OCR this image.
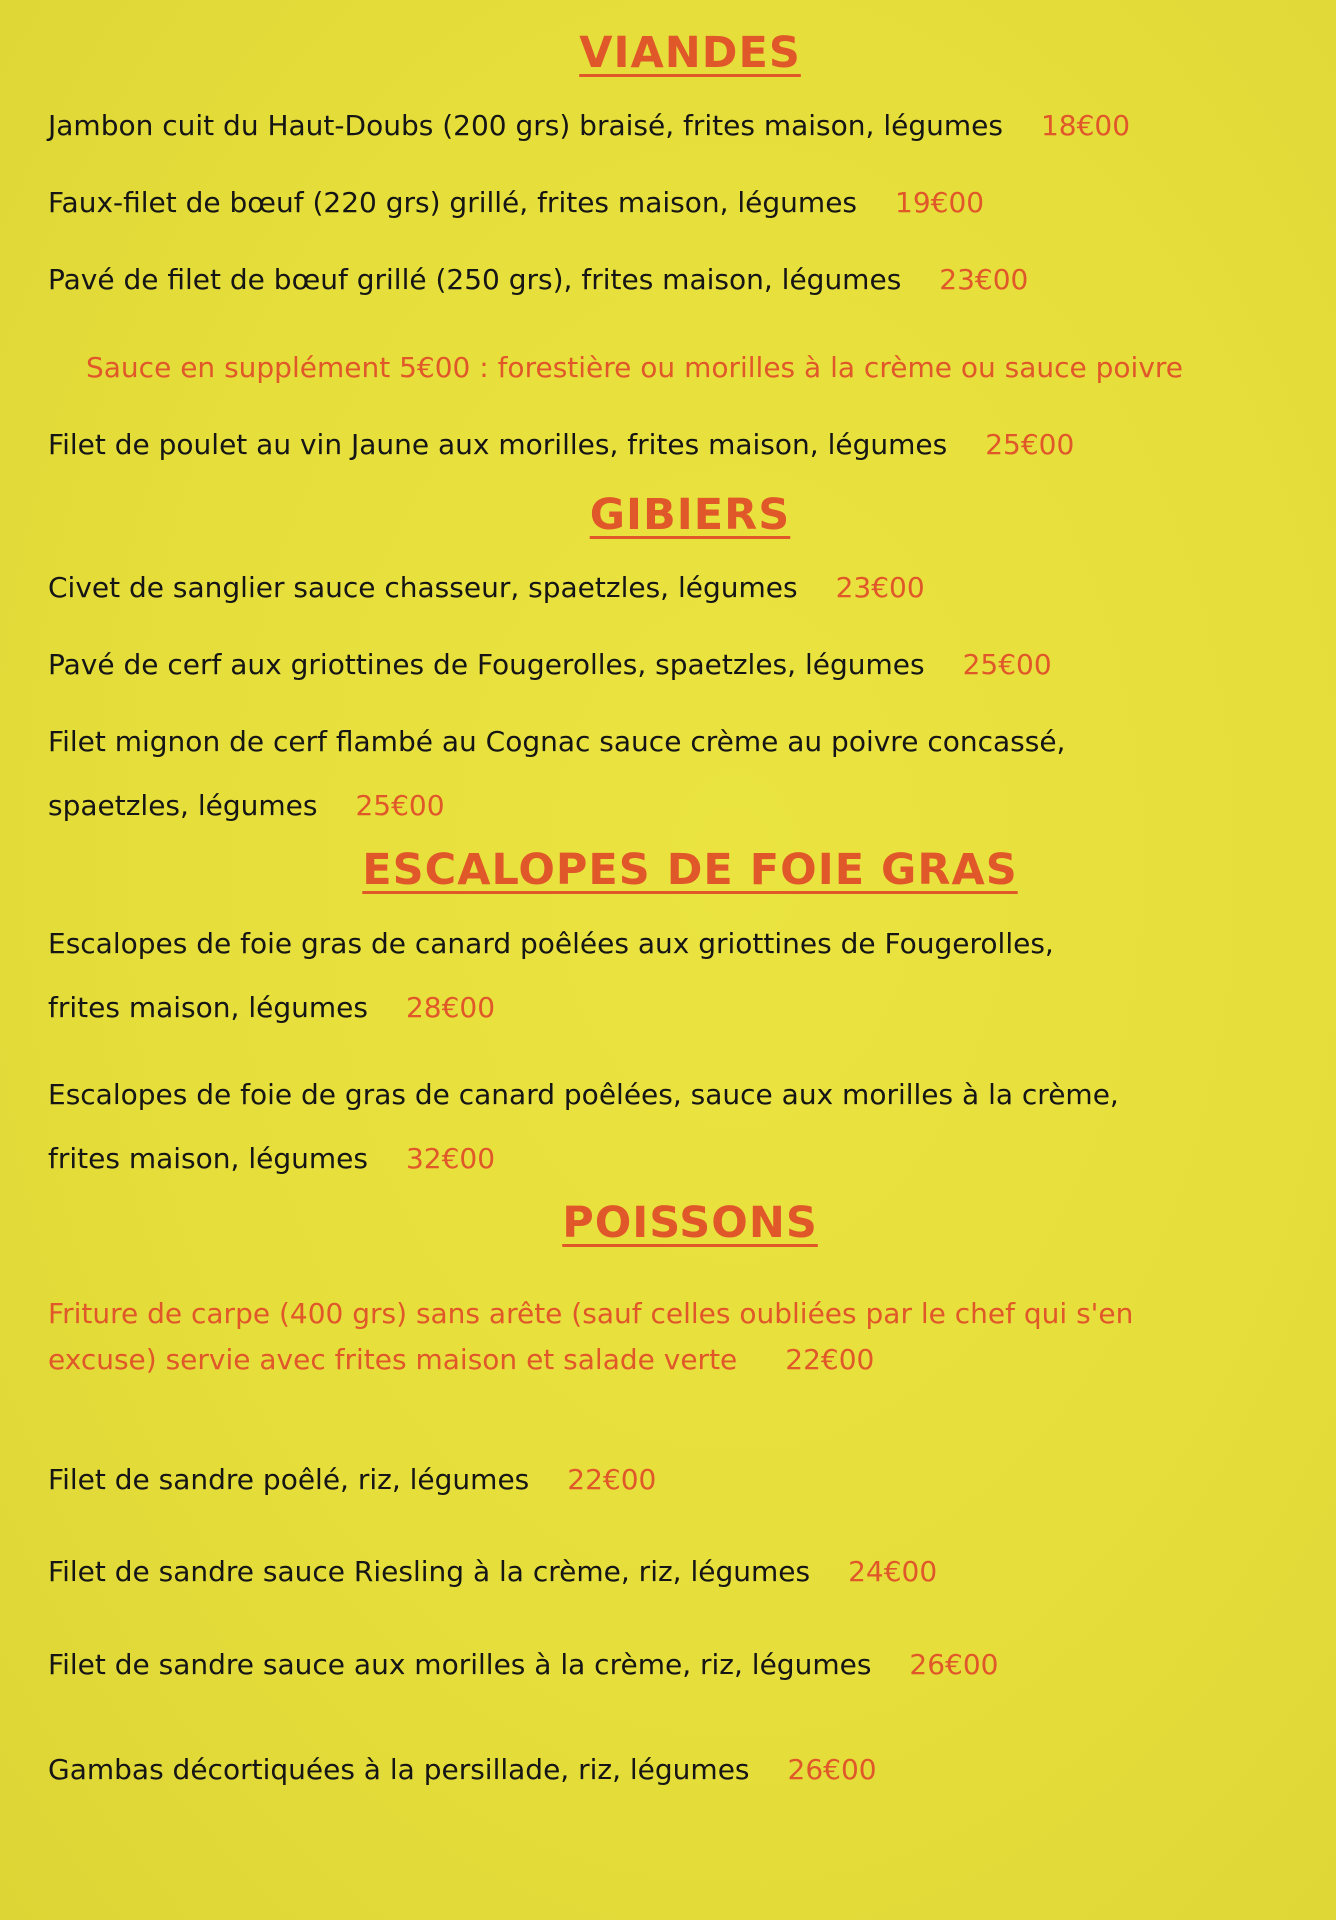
VIANDES

Jambon cuit du Haut-Doubs (200 grs) braisé, frites maison, légumes 18€00

Faux-filet de bœuf (220 grs) grillé, frites maison, légumes 19€00

Pavé de filet de bœuf grillé (250 grs), frites maison, légumes 23€00

Sauce en supplément 5€00 : forestière ou morilles à la crème ou sauce poivre

Filet de poulet au vin Jaune aux morilles, frites maison, légumes 25€00

GIBIERS

Civet de sanglier sauce chasseur, spaetzles, légumes 23€00

Pavé de cerf aux griottines de Fougerolles, spaetzles, légumes 25€00

Filet mignon de cerf flambé au Cognac sauce crème au poivre concassé,

spaetzles, légumes 25€00

ESCALOPES DE FOIE GRAS

Escalopes de foie gras de canard poêlées aux griottines de Fougerolles,

frites maison, légumes 28€00

Escalopes de foie de gras de canard poêlées, sauce aux morilles à la crème,

frites maison, légumes 32€00

POISSONS

Friture de carpe (400 grs) sans arête (sauf celles oubliées par le chef qui s'en
excuse) servie avec frites maison et salade verte 22€00

Filet de sandre poêlé, riz, légumes 22€00

Filet de sandre sauce Riesling à la crème, riz, légumes 24€00

Filet de sandre sauce aux morilles à la crème, riz, légumes 26€00

Gambas décortiquées à la persillade, riz, légumes 26€00
